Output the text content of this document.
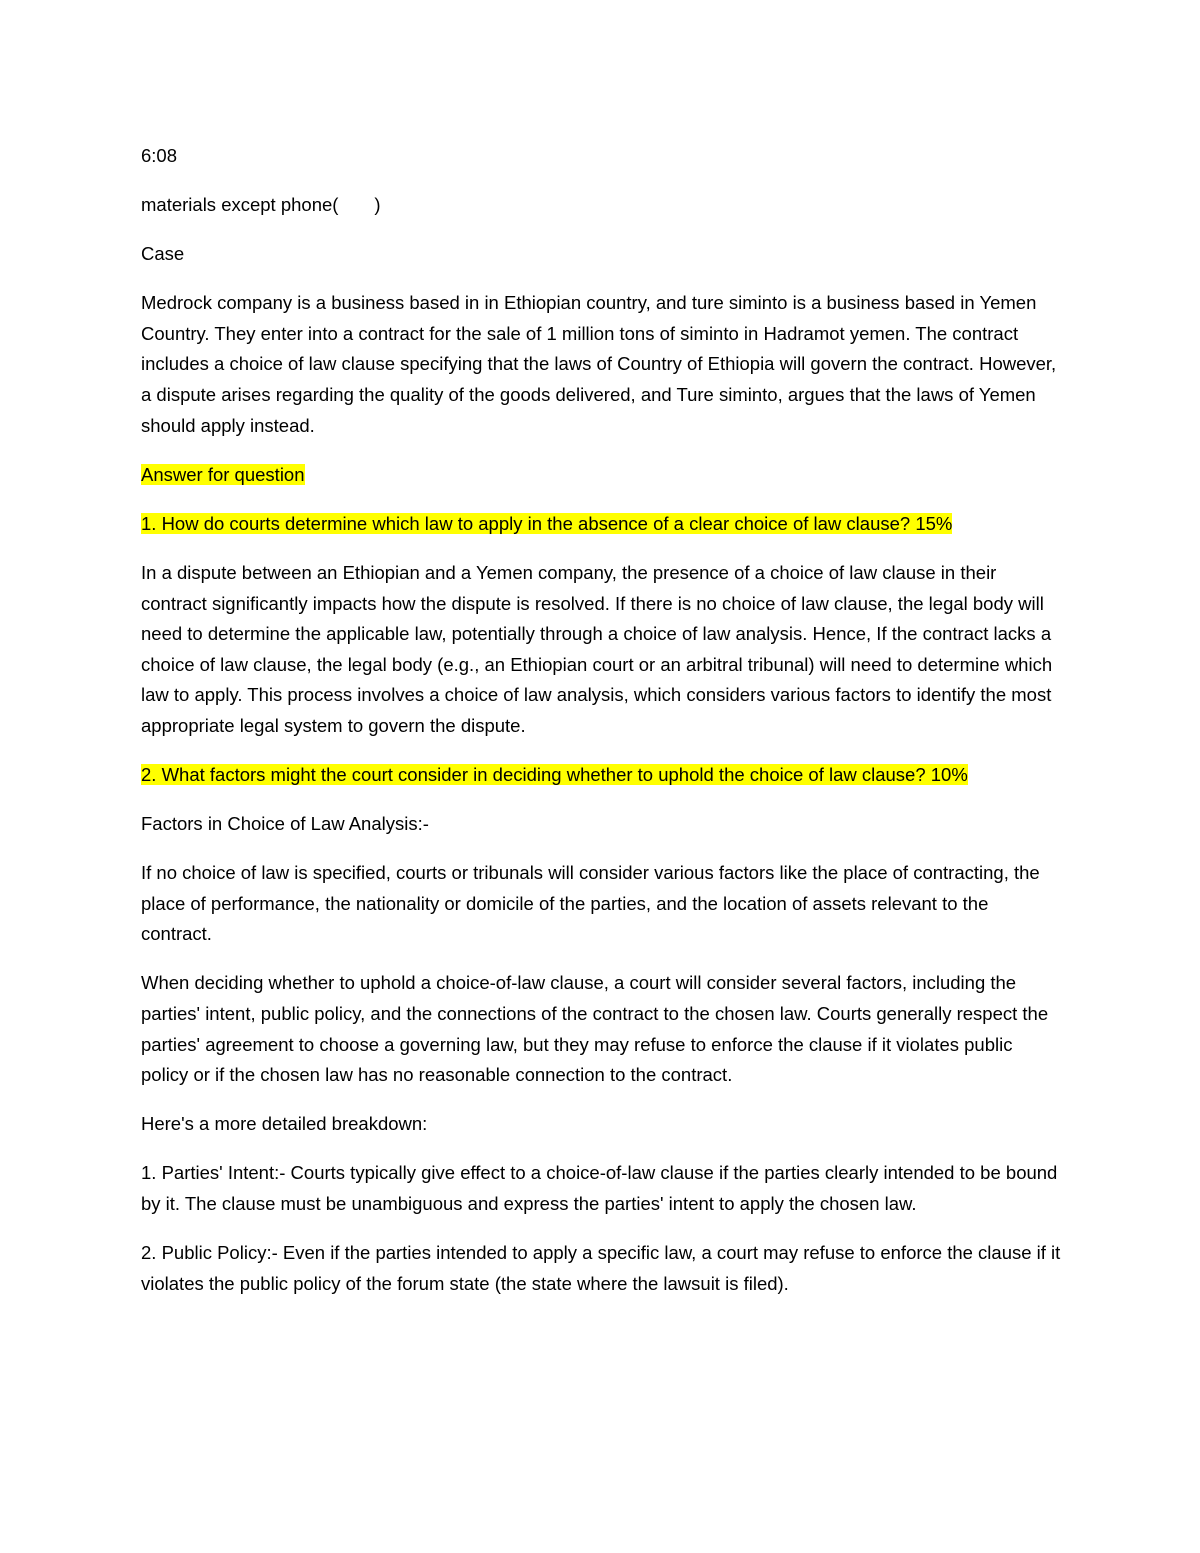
6:08

materials except phone(       )

Case

Medrock company is a business based in in Ethiopian country, and ture siminto is a business based in Yemen Country. They enter into a contract for the sale of 1 million tons of siminto in Hadramot yemen. The contract includes a choice of law clause specifying that the laws of Country of Ethiopia will govern the contract. However, a dispute arises regarding the quality of the goods delivered, and Ture siminto, argues that the laws of Yemen should apply instead.

Answer for question

1. How do courts determine which law to apply in the absence of a clear choice of law clause? 15%

In a dispute between an Ethiopian and a Yemen company, the presence of a choice of law clause in their contract significantly impacts how the dispute is resolved. If there is no choice of law clause, the legal body will need to determine the applicable law, potentially through a choice of law analysis. Hence, If the contract lacks a choice of law clause, the legal body (e.g., an Ethiopian court or an arbitral tribunal) will need to determine which law to apply. This process involves a choice of law analysis, which considers various factors to identify the most appropriate legal system to govern the dispute.

2. What factors might the court consider in deciding whether to uphold the choice of law clause? 10%

Factors in Choice of Law Analysis:-

If no choice of law is specified, courts or tribunals will consider various factors like the place of contracting, the place of performance, the nationality or domicile of the parties, and the location of assets relevant to the contract.

When deciding whether to uphold a choice-of-law clause, a court will consider several factors, including the parties' intent, public policy, and the connections of the contract to the chosen law. Courts generally respect the parties' agreement to choose a governing law, but they may refuse to enforce the clause if it violates public policy or if the chosen law has no reasonable connection to the contract.

Here's a more detailed breakdown:

1. Parties' Intent:- Courts typically give effect to a choice-of-law clause if the parties clearly intended to be bound by it. The clause must be unambiguous and express the parties' intent to apply the chosen law.

2. Public Policy:- Even if the parties intended to apply a specific law, a court may refuse to enforce the clause if it violates the public policy of the forum state (the state where the lawsuit is filed).
